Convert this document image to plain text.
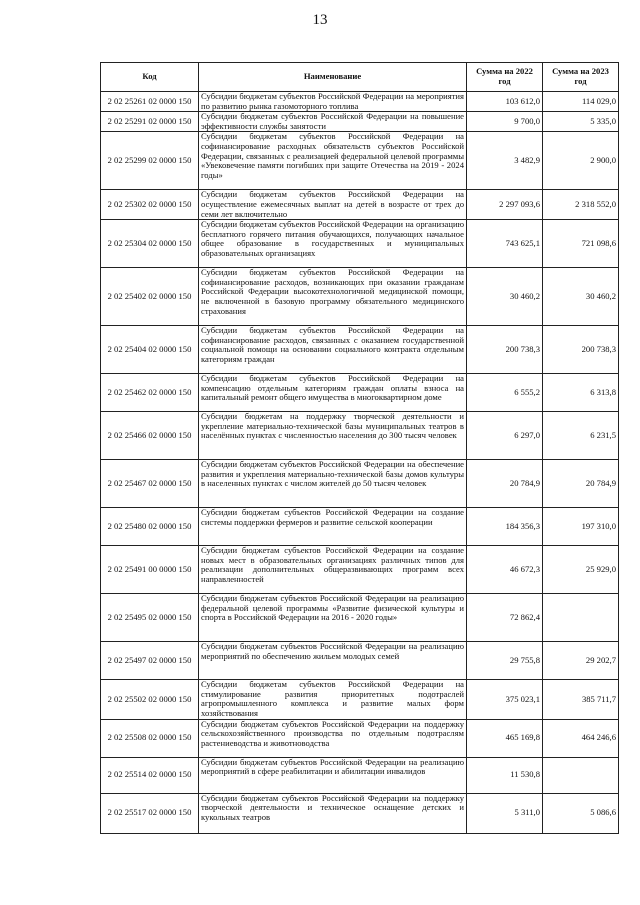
13
Код	Наименование	Сумма на 2022 год	Сумма на 2023 год
2 02 25261 02 0000 150	Субсидии бюджетам субъектов Российской Федерации на мероприятия по развитию рынка газомоторного топлива	103 612,0	114 029,0
2 02 25291 02 0000 150	Субсидии бюджетам субъектов Российской Федерации на повышение эффективности службы занятости	9 700,0	5 335,0
2 02 25299 02 0000 150	Субсидии бюджетам субъектов Российской Федерации на софинансирование расходных обязательств субъектов Российской Федерации, связанных с реализацией федеральной целевой программы «Увековечение памяти погибших при защите Отечества на 2019 - 2024 годы»	3 482,9	2 900,0
2 02 25302 02 0000 150	Субсидии бюджетам субъектов Российской Федерации на осуществление ежемесячных выплат на детей в возрасте от трех до семи лет включительно	2 297 093,6	2 318 552,0
2 02 25304 02 0000 150	Субсидии бюджетам субъектов Российской Федерации на организацию бесплатного горячего питания обучающихся, получающих начальное общее образование в государственных и муниципальных образовательных организациях	743 625,1	721 098,6
2 02 25402 02 0000 150	Субсидии бюджетам субъектов Российской Федерации на софинансирование расходов, возникающих при оказании гражданам Российской Федерации высокотехнологичной медицинской помощи, не включенной в базовую программу обязательного медицинского страхования	30 460,2	30 460,2
2 02 25404 02 0000 150	Субсидии бюджетам субъектов Российской Федерации на софинансирование расходов, связанных с оказанием государственной социальной помощи на основании социального контракта отдельным категориям граждан	200 738,3	200 738,3
2 02 25462 02 0000 150	Субсидии бюджетам субъектов Российской Федерации на компенсацию отдельным категориям граждан оплаты взноса на капитальный ремонт общего имущества в многоквартирном доме	6 555,2	6 313,8
2 02 25466 02 0000 150	Субсидии бюджетам на поддержку творческой деятельности и укрепление материально-технической базы муниципальных театров в населённых пунктах с численностью населения до 300 тысяч человек	6 297,0	6 231,5
2 02 25467 02 0000 150	Субсидии бюджетам субъектов Российской Федерации на обеспечение развития и укрепления материально-технической базы домов культуры в населенных пунктах с числом жителей до 50 тысяч человек	20 784,9	20 784,9
2 02 25480 02 0000 150	Субсидии бюджетам субъектов Российской Федерации на создание системы поддержки фермеров и развитие сельской кооперации	184 356,3	197 310,0
2 02 25491 00 0000 150	Субсидии бюджетам субъектов Российской Федерации на создание новых мест в образовательных организациях различных типов для реализации дополнительных общеразвивающих программ всех направленностей	46 672,3	25 929,0
2 02 25495 02 0000 150	Субсидии бюджетам субъектов Российской Федерации на реализацию федеральной целевой программы «Развитие физической культуры и спорта в Российской Федерации на 2016 - 2020 годы»	72 862,4	
2 02 25497 02 0000 150	Субсидии бюджетам субъектов Российской Федерации на реализацию мероприятий по обеспечению жильем молодых семей	29 755,8	29 202,7
2 02 25502 02 0000 150	Субсидии бюджетам субъектов Российской Федерации на стимулирование развития приоритетных подотраслей агропромышленного комплекса и развитие малых форм хозяйствования	375 023,1	385 711,7
2 02 25508 02 0000 150	Субсидии бюджетам субъектов Российской Федерации на поддержку сельскохозяйственного производства по отдельным подотраслям растениеводства и животноводства	465 169,8	464 246,6
2 02 25514 02 0000 150	Субсидии бюджетам субъектов Российской Федерации на реализацию мероприятий в сфере реабилитации и абилитации инвалидов	11 530,8	
2 02 25517 02 0000 150	Субсидии бюджетам субъектов Российской Федерации на поддержку творческой деятельности и техническое оснащение детских и кукольных театров	5 311,0	5 086,6
